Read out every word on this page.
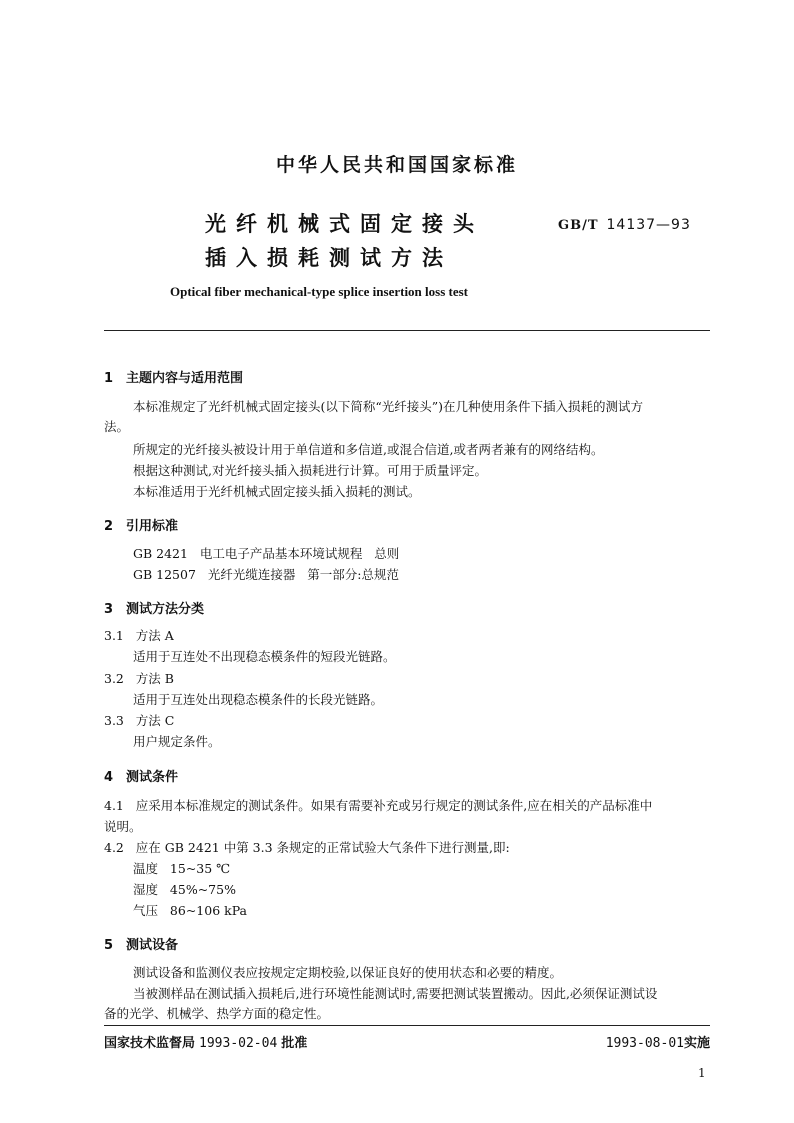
中华人民共和国国家标准
光纤机械式固定接头
插入损耗测试方法
GB/T 14137—93
Optical fiber mechanical-type splice insertion loss test
1 主题内容与适用范围
本标准规定了光纤机械式固定接头(以下简称“光纤接头”)在几种使用条件下插入损耗的测试方
法。
所规定的光纤接头被设计用于单信道和多信道,或混合信道,或者两者兼有的网络结构。
根据这种测试,对光纤接头插入损耗进行计算。可用于质量评定。
本标准适用于光纤机械式固定接头插入损耗的测试。
2 引用标准
GB 2421   电工电子产品基本环境试规程   总则
GB 12507   光纤光缆连接器   第一部分:总规范
3 测试方法分类
3.1   方法 A
适用于互连处不出现稳态模条件的短段光链路。
3.2   方法 B
适用于互连处出现稳态模条件的长段光链路。
3.3   方法 C
用户规定条件。
4 测试条件
4.1   应采用本标准规定的测试条件。如果有需要补充或另行规定的测试条件,应在相关的产品标准中
说明。
4.2   应在 GB 2421 中第 3.3 条规定的正常试验大气条件下进行测量,即:
温度   15~35 ℃
湿度   45%~75%
气压   86~106 kPa
5 测试设备
测试设备和监测仪表应按规定定期校验,以保证良好的使用状态和必要的精度。
当被测样品在测试插入损耗后,进行环境性能测试时,需要把测试装置搬动。因此,必须保证测试设
备的光学、机械学、热学方面的稳定性。
国家技术监督局 1993-02-04 批准	1993-08-01实施
1
